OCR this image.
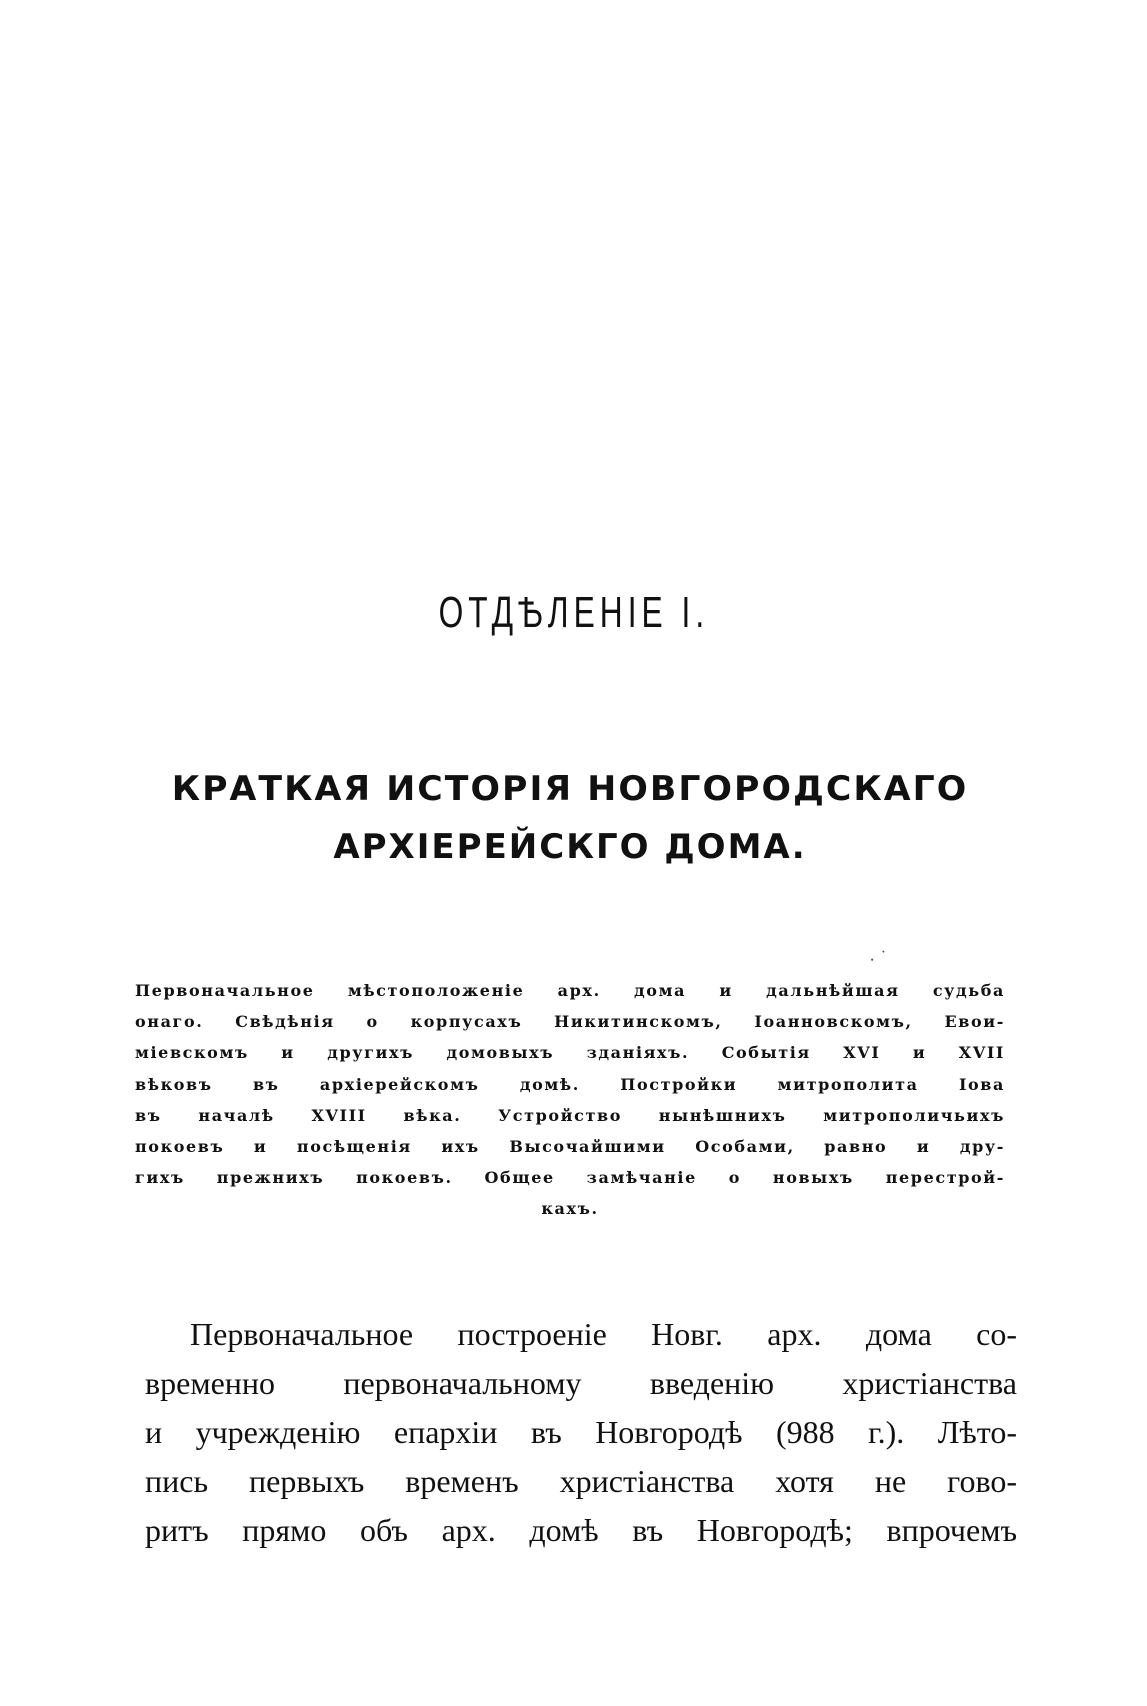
ОТДѢЛЕНІЕ І.
КРАТКАЯ ИСТОРІЯ НОВГОРОДСКАГО
АРХІЕРЕЙСКГО ДОМА.
⸳ ˙

Первоначальное мѣстоположеніе арх. дома и дальнѣйшая судьба
онаго. Свѣдѣнія о корпусахъ Никитинскомъ, Іоанновскомъ, Евои-
міевскомъ и другихъ домовыхъ зданіяхъ. Событія XVI и XVII
вѣковъ въ архіерейскомъ домѣ. Постройки митрополита Іова
въ началѣ XVIII вѣка. Устройство нынѣшнихъ митрополичьихъ
покоевъ и посѣщенія ихъ Высочайшими Особами, равно и дру-
гихъ прежнихъ покоевъ. Общее замѣчаніе о новыхъ перестрой-
кахъ.

Первоначальное построеніе Новг. арх. дома со-
временно первоначальному введенію христіанства
и учрежденію епархіи въ Новгородѣ (988 г.). Лѣто-
пись первыхъ временъ христіанства хотя не гово-
ритъ прямо объ арх. домѣ въ Новгородѣ; впрочемъ
